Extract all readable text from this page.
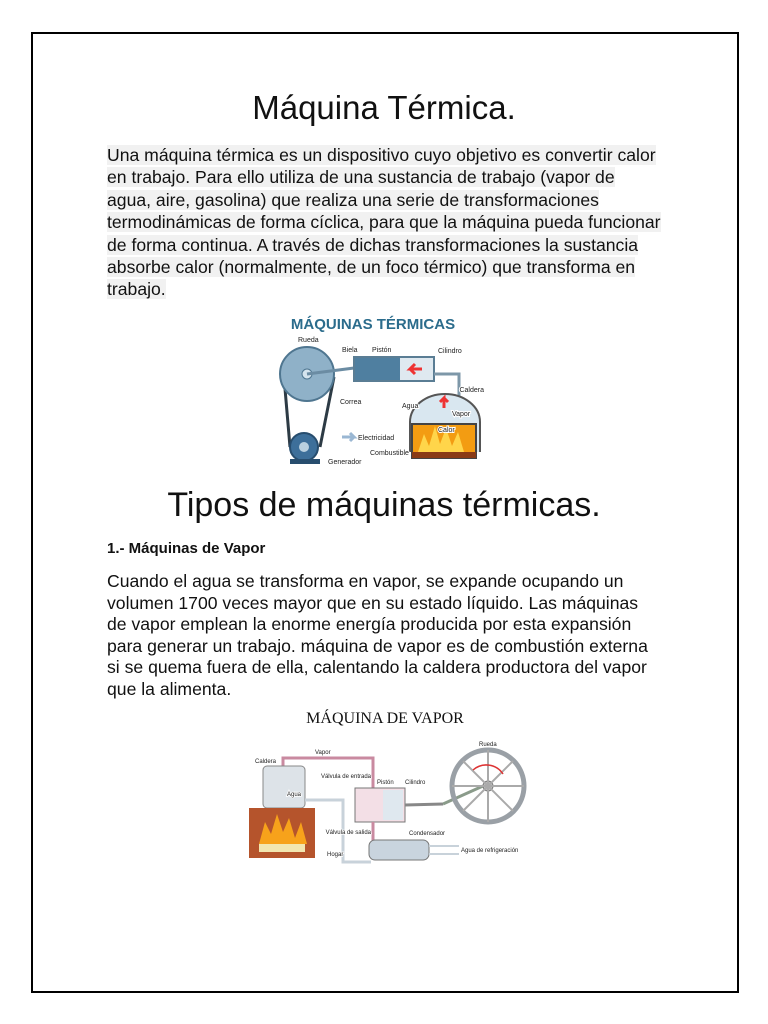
Máquina Térmica.
Una máquina térmica es un dispositivo cuyo objetivo es convertir calor
en trabajo. Para ello utiliza de una sustancia de trabajo (vapor de
agua, aire, gasolina) que realiza una serie de transformaciones
termodinámicas de forma cíclica, para que la máquina pueda funcionar
de forma continua. A través de dichas transformaciones la sustancia
absorbe calor (normalmente, de un foco térmico) que transforma en
trabajo.
MÁQUINAS TÉRMICAS
Rueda
Biela Pistón	Cilindro
Correa
Caldera
Agua
Vapor
Calor
Electricidad
Generador
Combustible
Tipos de máquinas térmicas.
1.- Máquinas de Vapor
Cuando el agua se transforma en vapor, se expande ocupando un
volumen 1700 veces mayor que en su estado líquido. Las máquinas
de vapor emplean la enorme energía producida por esta expansión
para generar un trabajo. máquina de vapor es de combustión externa
si se quema fuera de ella, calentando la caldera productora del vapor
que la alimenta.
MÁQUINA DE VAPOR
Caldera
Vapor
Válvula de entrada
Pistón Cilindro
Rueda
Agua
Válvula de salida	Condensador
Agua de refrigeración
Hogar
